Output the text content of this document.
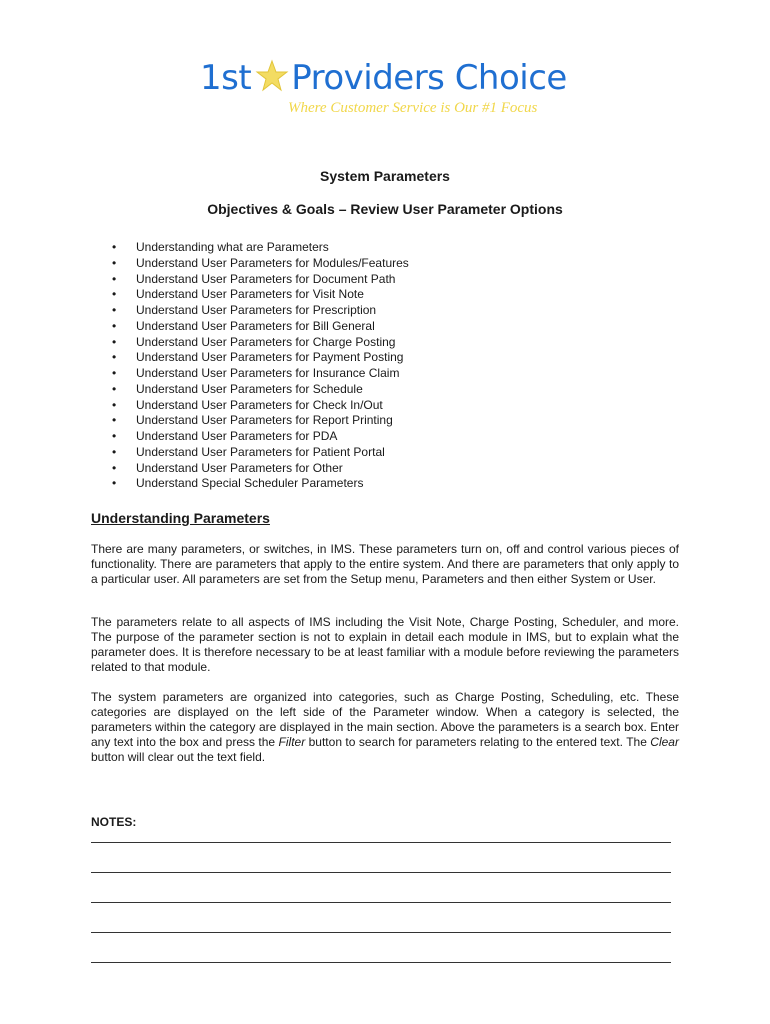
1st Providers Choice
Where Customer Service is Our #1 Focus
System Parameters
Objectives & Goals – Review User Parameter Options
• Understanding what are Parameters
• Understand User Parameters for Modules/Features
• Understand User Parameters for Document Path
• Understand User Parameters for Visit Note
• Understand User Parameters for Prescription
• Understand User Parameters for Bill General
• Understand User Parameters for Charge Posting
• Understand User Parameters for Payment Posting
• Understand User Parameters for Insurance Claim
• Understand User Parameters for Schedule
• Understand User Parameters for Check In/Out
• Understand User Parameters for Report Printing
• Understand User Parameters for PDA
• Understand User Parameters for Patient Portal
• Understand User Parameters for Other
• Understand Special Scheduler Parameters
Understanding Parameters

There are many parameters, or switches, in IMS. These parameters turn on, off and control various pieces of functionality. There are parameters that apply to the entire system. And there are parameters that only apply to a particular user. All parameters are set from the Setup menu, Parameters and then either System or User.

The parameters relate to all aspects of IMS including the Visit Note, Charge Posting, Scheduler, and more. The purpose of the parameter section is not to explain in detail each module in IMS, but to explain what the parameter does. It is therefore necessary to be at least familiar with a module before reviewing the parameters related to that module.

The system parameters are organized into categories, such as Charge Posting, Scheduling, etc. These categories are displayed on the left side of the Parameter window. When a category is selected, the parameters within the category are displayed in the main section. Above the parameters is a search box. Enter any text into the box and press the Filter button to search for parameters relating to the entered text. The Clear button will clear out the text field.

NOTES:
